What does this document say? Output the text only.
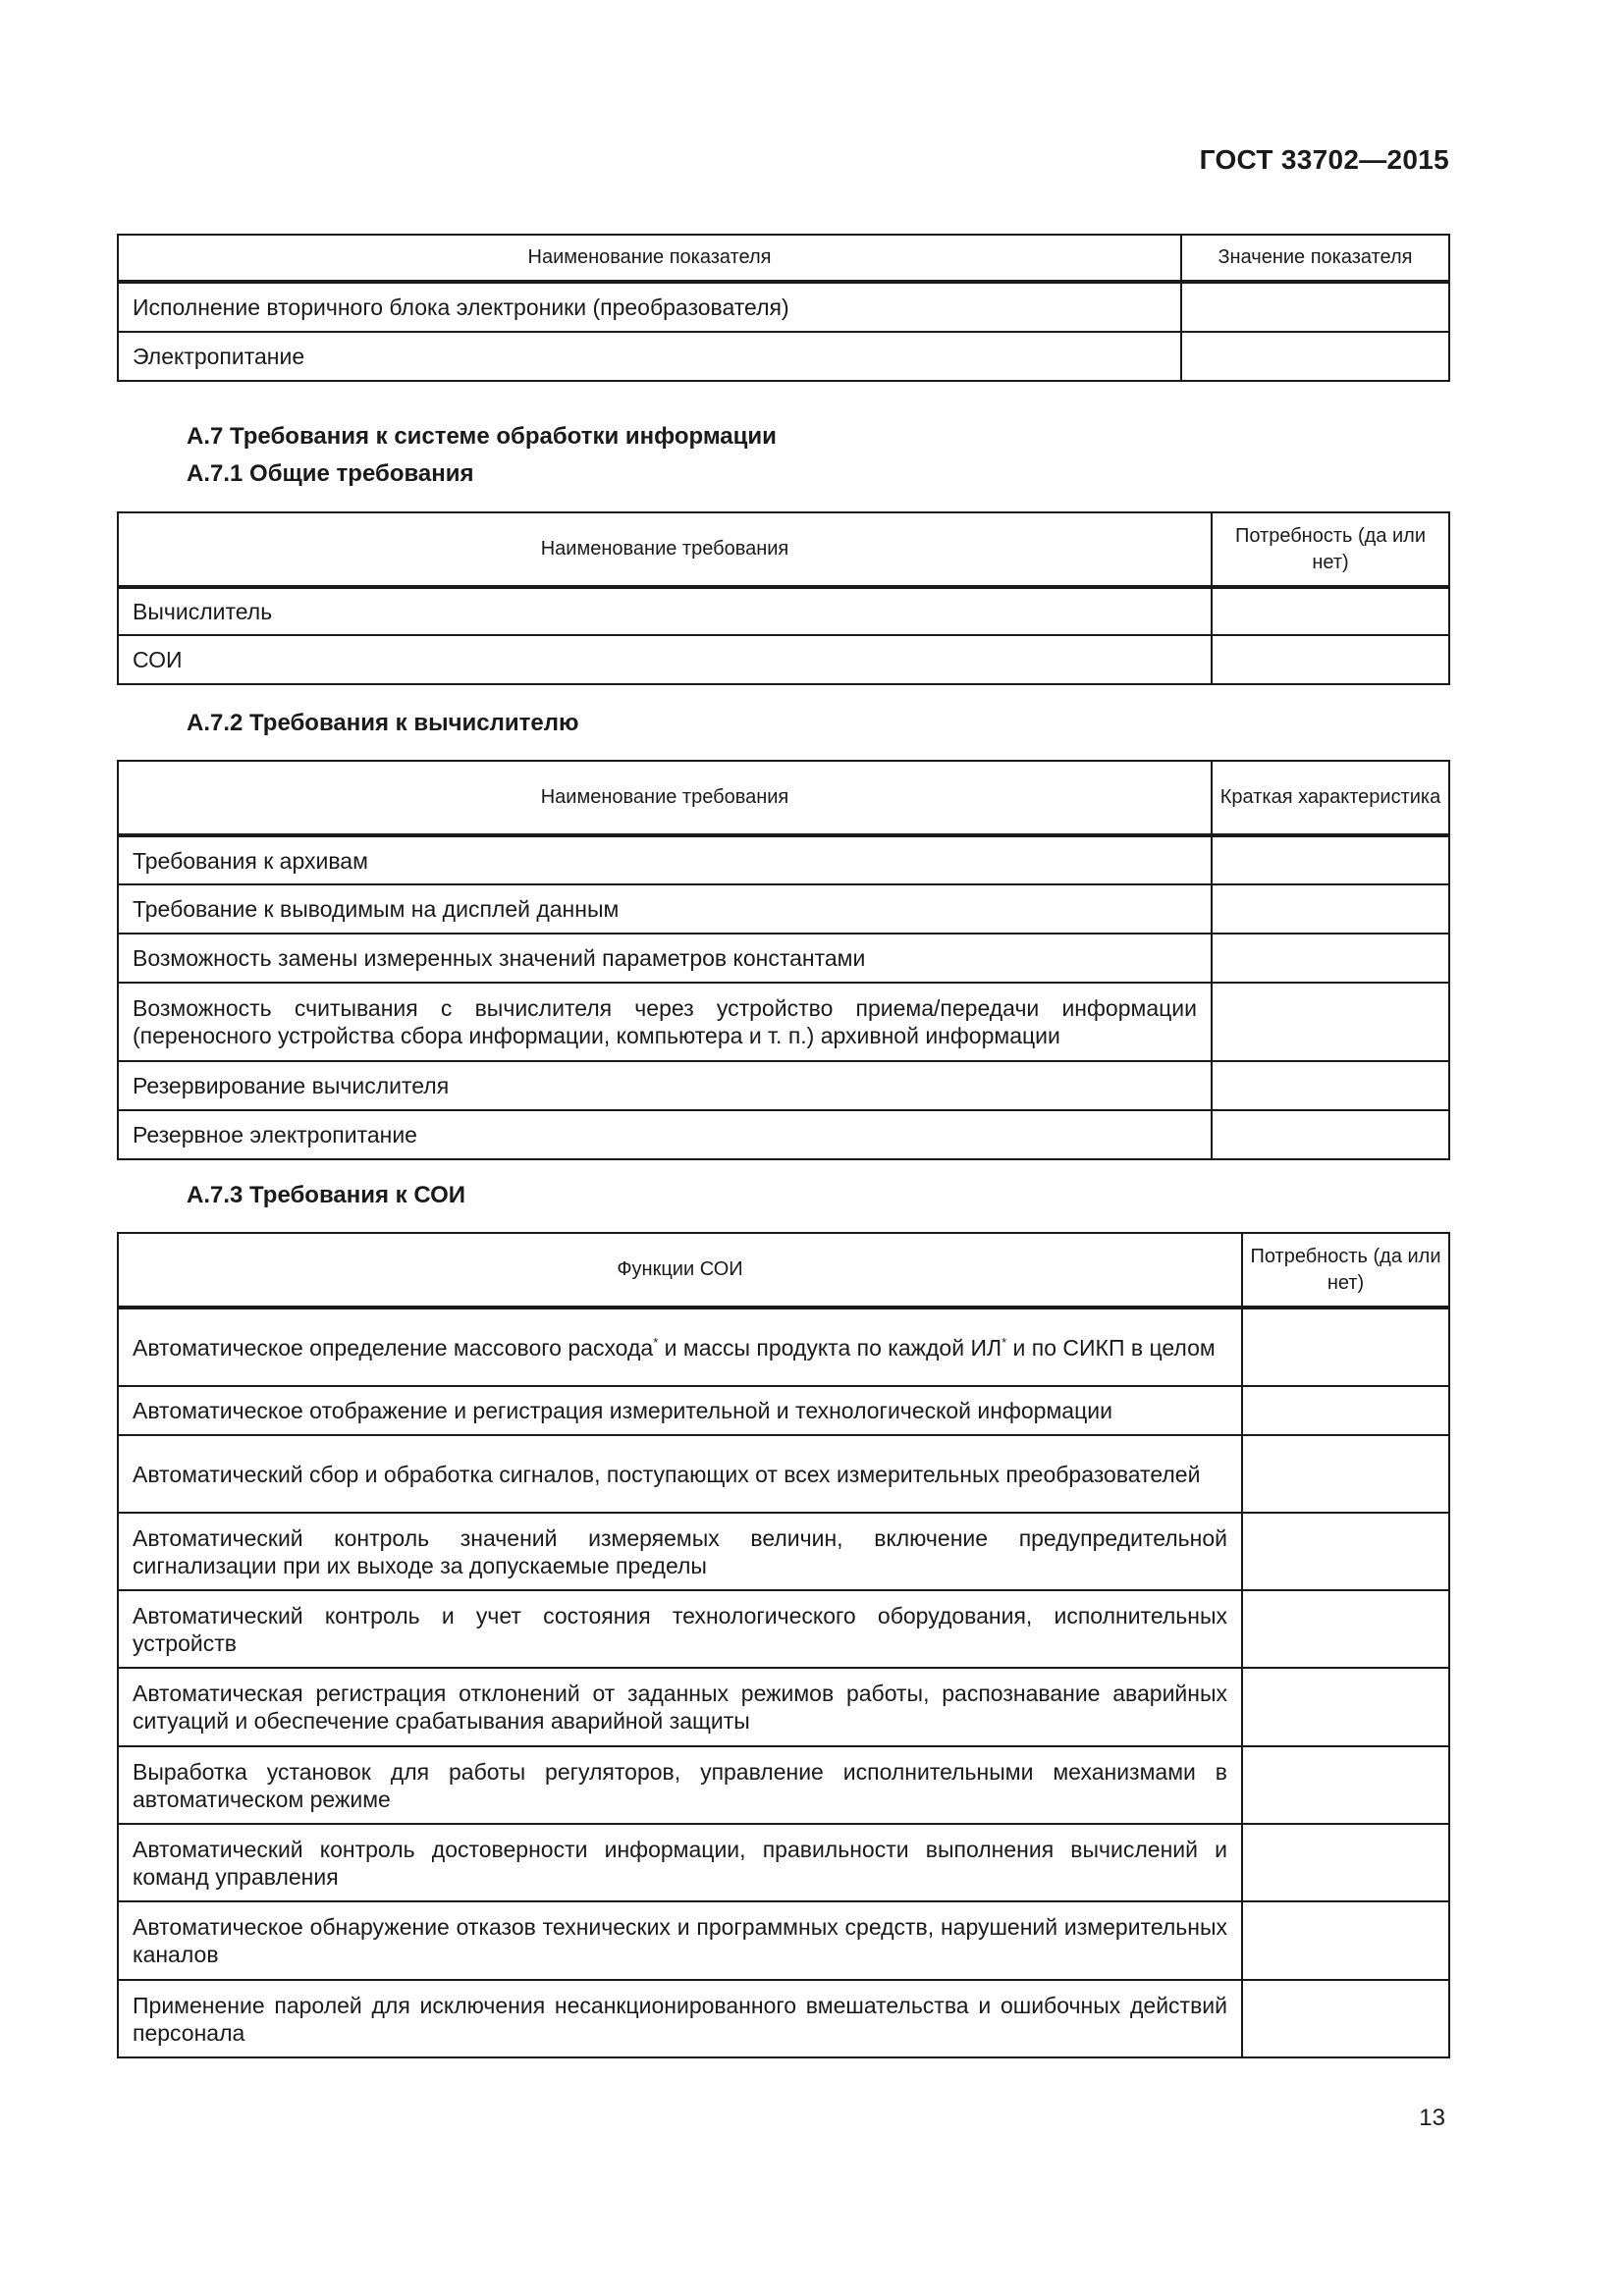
ГОСТ 33702—2015
Наименование показателя	Значение показателя
Исполнение вторичного блока электроники (преобразователя)	
Электропитание	
А.7 Требования к системе обработки информации
А.7.1 Общие требования
Наименование требования	Потребность (да или нет)
Вычислитель	
СОИ	
А.7.2 Требования к вычислителю
Наименование требования	Краткая характеристика
Требования к архивам	
Требование к выводимым на дисплей данным	
Возможность замены измеренных значений параметров константами	
Возможность считывания с вычислителя через устройство приема/передачи информации (переносного устройства сбора информации, компьютера и т. п.) архивной информации	
Резервирование вычислителя	
Резервное электропитание	
А.7.3 Требования к СОИ
Функции СОИ	Потребность (да или нет)
Автоматическое определение массового расхода* и массы продукта по каждой ИЛ* и по СИКП в целом	
Автоматическое отображение и регистрация измерительной и технологической информации	
Автоматический сбор и обработка сигналов, поступающих от всех измерительных преобразователей	
Автоматический контроль значений измеряемых величин, включение предупредительной сигнализации при их выходе за допускаемые пределы	
Автоматический контроль и учет состояния технологического оборудования, исполнительных устройств	
Автоматическая регистрация отклонений от заданных режимов работы, распознавание аварийных ситуаций и обеспечение срабатывания аварийной защиты	
Выработка установок для работы регуляторов, управление исполнительными механизмами в автоматическом режиме	
Автоматический контроль достоверности информации, правильности выполнения вычислений и команд управления	
Автоматическое обнаружение отказов технических и программных средств, нарушений измерительных каналов	
Применение паролей для исключения несанкционированного вмешательства и ошибочных действий персонала	
13
